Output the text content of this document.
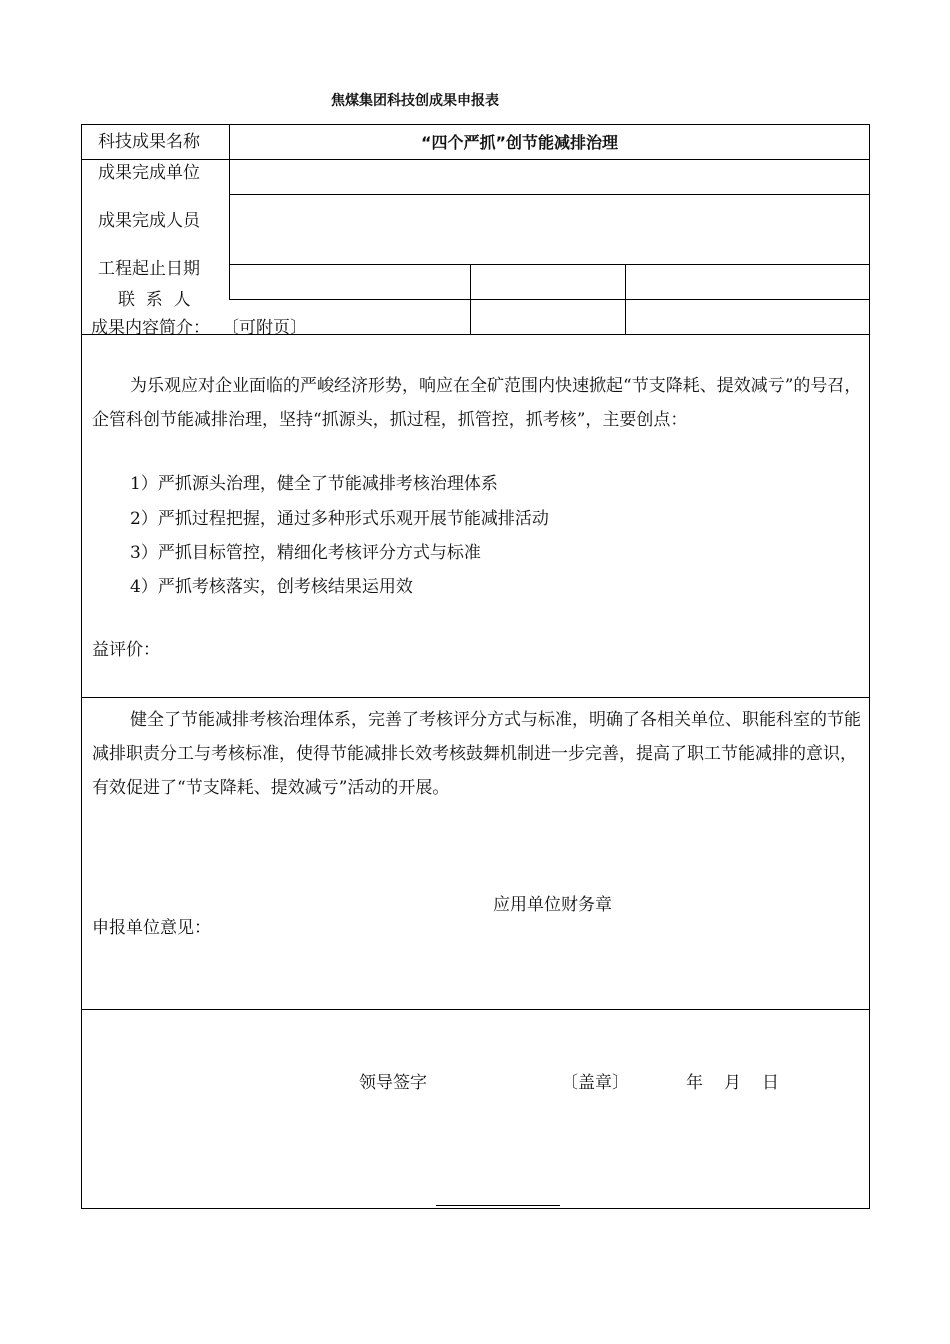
焦煤集团科技创成果申报表
科技成果名称	“四个严抓”创节能减排治理
成果完成单位
成果完成人员
工程起止日期
联  系  人
成果内容简介： 〔可附页〕
为乐观应对企业面临的严峻经济形势，响应在全矿范围内快速掀起“节支降耗、提效减亏”的号召，企管科创节能减排治理，坚持“抓源头，抓过程，抓管控，抓考核”，主要创点：
1）严抓源头治理，健全了节能减排考核治理体系
2）严抓过程把握，通过多种形式乐观开展节能减排活动
3）严抓目标管控，精细化考核评分方式与标准
4）严抓考核落实，创考核结果运用效
益评价：
健全了节能减排考核治理体系，完善了考核评分方式与标准，明确了各相关单位、职能科室的节能减排职责分工与考核标准，使得节能减排长效考核鼓舞机制进一步完善，提高了职工节能减排的意识，有效促进了“节支降耗、提效减亏”活动的开展。
应用单位财务章
申报单位意见：
领导签字	〔盖章〕	年 月 日
